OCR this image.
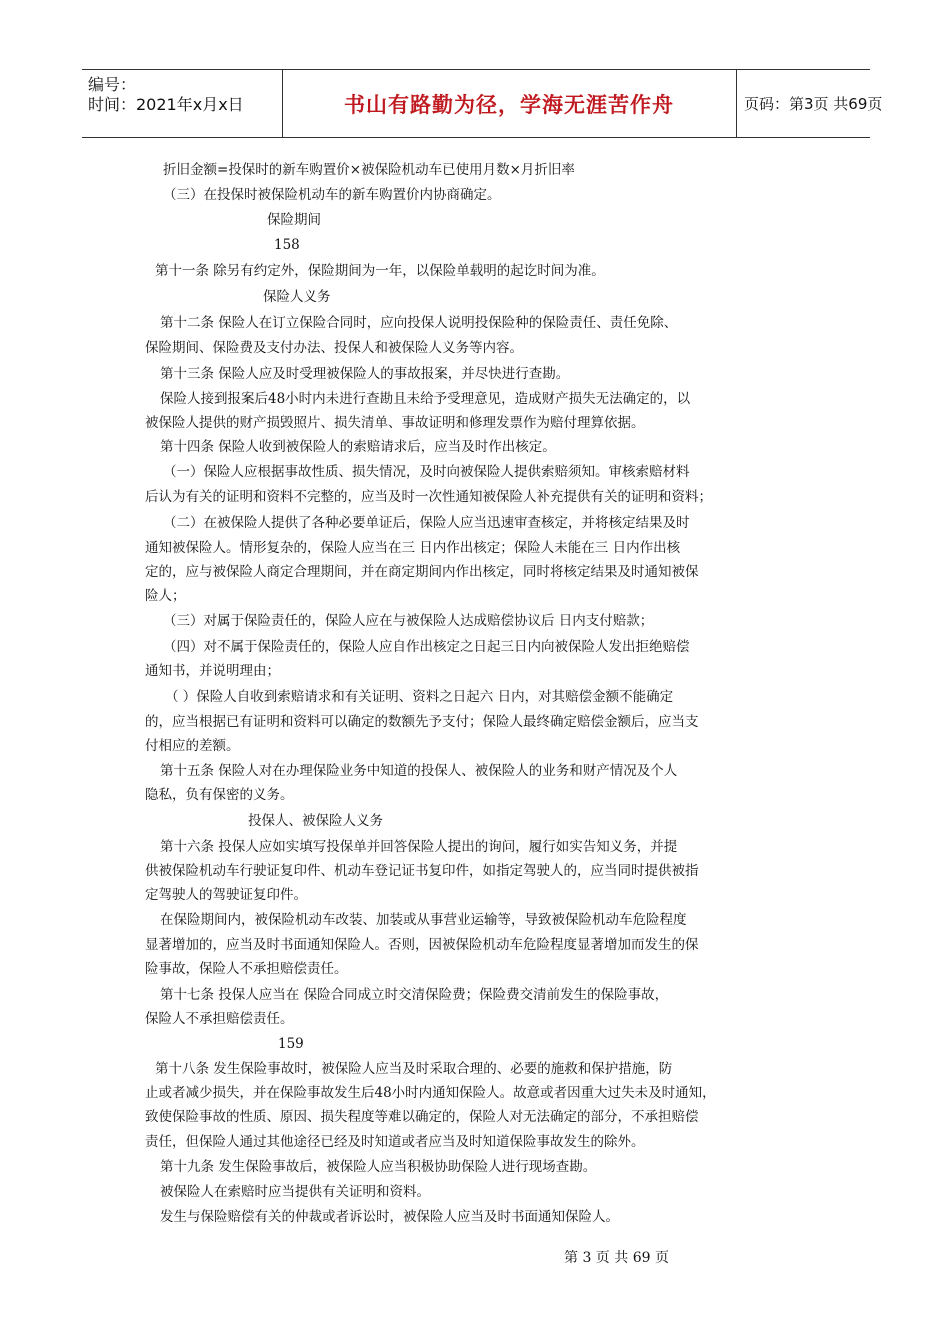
编号：
时间：2021年x月x日	书山有路勤为径，学海无涯苦作舟	页码：第3页 共69页
折旧金额=投保时的新车购置价×被保险机动车已使用月数×月折旧率
（三）在投保时被保险机动车的新车购置价内协商确定。
保险期间
158
第十一条 除另有约定外，保险期间为一年，以保险单载明的起讫时间为准。
保险人义务
第十二条 保险人在订立保险合同时，应向投保人说明投保险种的保险责任、责任免除、
保险期间、保险费及支付办法、投保人和被保险人义务等内容。
第十三条 保险人应及时受理被保险人的事故报案，并尽快进行查勘。
保险人接到报案后48小时内未进行查勘且未给予受理意见，造成财产损失无法确定的，以
被保险人提供的财产损毁照片、损失清单、事故证明和修理发票作为赔付理算依据。
第十四条 保险人收到被保险人的索赔请求后，应当及时作出核定。
（一）保险人应根据事故性质、损失情况，及时向被保险人提供索赔须知。审核索赔材料
后认为有关的证明和资料不完整的，应当及时一次性通知被保险人补充提供有关的证明和资料；
（二）在被保险人提供了各种必要单证后，保险人应当迅速审查核定，并将核定结果及时
通知被保险人。情形复杂的，保险人应当在三 日内作出核定；保险人未能在三 日内作出核
定的，应与被保险人商定合理期间，并在商定期间内作出核定，同时将核定结果及时通知被保
险人；
（三）对属于保险责任的，保险人应在与被保险人达成赔偿协议后 日内支付赔款；
（四）对不属于保险责任的，保险人应自作出核定之日起三日内向被保险人发出拒绝赔偿
通知书，并说明理由；
（ ）保险人自收到索赔请求和有关证明、资料之日起六 日内，对其赔偿金额不能确定
的，应当根据已有证明和资料可以确定的数额先予支付；保险人最终确定赔偿金额后，应当支
付相应的差额。
第十五条 保险人对在办理保险业务中知道的投保人、被保险人的业务和财产情况及个人
隐私，负有保密的义务。
投保人、被保险人义务
第十六条 投保人应如实填写投保单并回答保险人提出的询问，履行如实告知义务，并提
供被保险机动车行驶证复印件、机动车登记证书复印件，如指定驾驶人的，应当同时提供被指
定驾驶人的驾驶证复印件。
在保险期间内，被保险机动车改装、加装或从事营业运输等，导致被保险机动车危险程度
显著增加的，应当及时书面通知保险人。否则，因被保险机动车危险程度显著增加而发生的保
险事故，保险人不承担赔偿责任。
第十七条 投保人应当在 保险合同成立时交清保险费；保险费交清前发生的保险事故，
保险人不承担赔偿责任。
159
第十八条 发生保险事故时，被保险人应当及时采取合理的、必要的施救和保护措施，防
止或者减少损失，并在保险事故发生后48小时内通知保险人。故意或者因重大过失未及时通知，
致使保险事故的性质、原因、损失程度等难以确定的，保险人对无法确定的部分，不承担赔偿
责任，但保险人通过其他途径已经及时知道或者应当及时知道保险事故发生的除外。
第十九条 发生保险事故后，被保险人应当积极协助保险人进行现场查勘。
被保险人在索赔时应当提供有关证明和资料。
发生与保险赔偿有关的仲裁或者诉讼时，被保险人应当及时书面通知保险人。
第 3 页 共 69 页
